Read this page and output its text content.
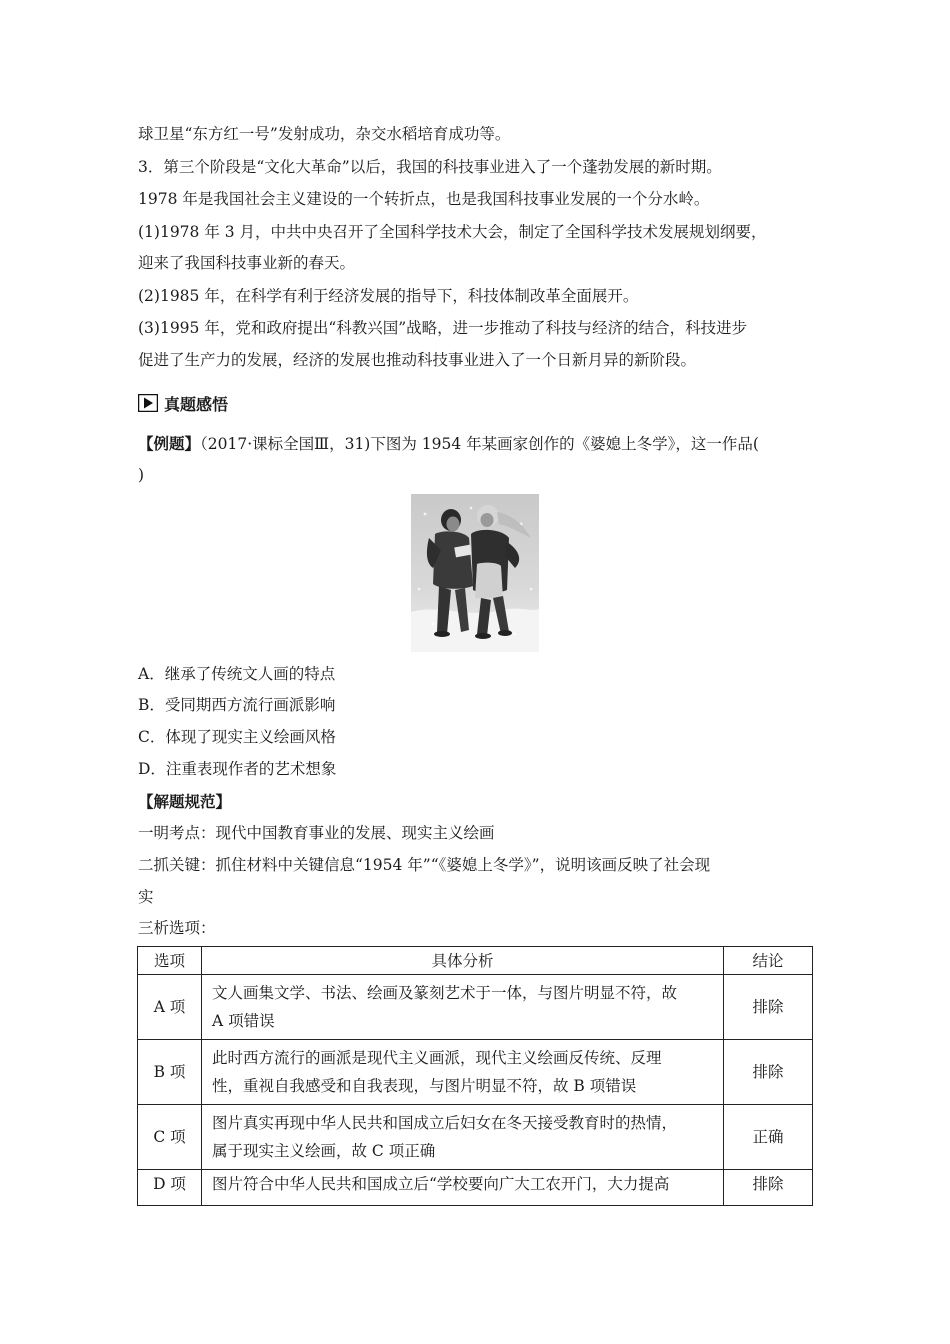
球卫星“东方红一号”发射成功，杂交水稻培育成功等。
3．第三个阶段是“文化大革命”以后，我国的科技事业进入了一个蓬勃发展的新时期。
1978 年是我国社会主义建设的一个转折点，也是我国科技事业发展的一个分水岭。
(1)1978 年 3 月，中共中央召开了全国科学技术大会，制定了全国科学技术发展规划纲要，
迎来了我国科技事业新的春天。
(2)1985 年，在科学有利于经济发展的指导下，科技体制改革全面展开。
(3)1995 年，党和政府提出“科教兴国”战略，进一步推动了科技与经济的结合，科技进步
促进了生产力的发展，经济的发展也推动科技事业进入了一个日新月异的新阶段。
真题感悟
【例题】（2017·课标全国Ⅲ，31)下图为 1954 年某画家创作的《婆媳上冬学》，这一作品(
)
A．继承了传统文人画的特点
B．受同期西方流行画派影响
C．体现了现实主义绘画风格
D．注重表现作者的艺术想象
【解题规范】
一明考点：现代中国教育事业的发展、现实主义绘画
二抓关键：抓住材料中关键信息“1954 年”“《婆媳上冬学》”，说明该画反映了社会现
实
三析选项：
选项	具体分析	结论
A 项	文人画集文学、书法、绘画及篆刻艺术于一体，与图片明显不符，故
A 项错误	排除
B 项	此时西方流行的画派是现代主义画派，现代主义绘画反传统、反理
性，重视自我感受和自我表现，与图片明显不符，故 B 项错误	排除
C 项	图片真实再现中华人民共和国成立后妇女在冬天接受教育时的热情，
属于现实主义绘画，故 C 项正确	正确
D 项	图片符合中华人民共和国成立后“学校要向广大工农开门，大力提高	排除
